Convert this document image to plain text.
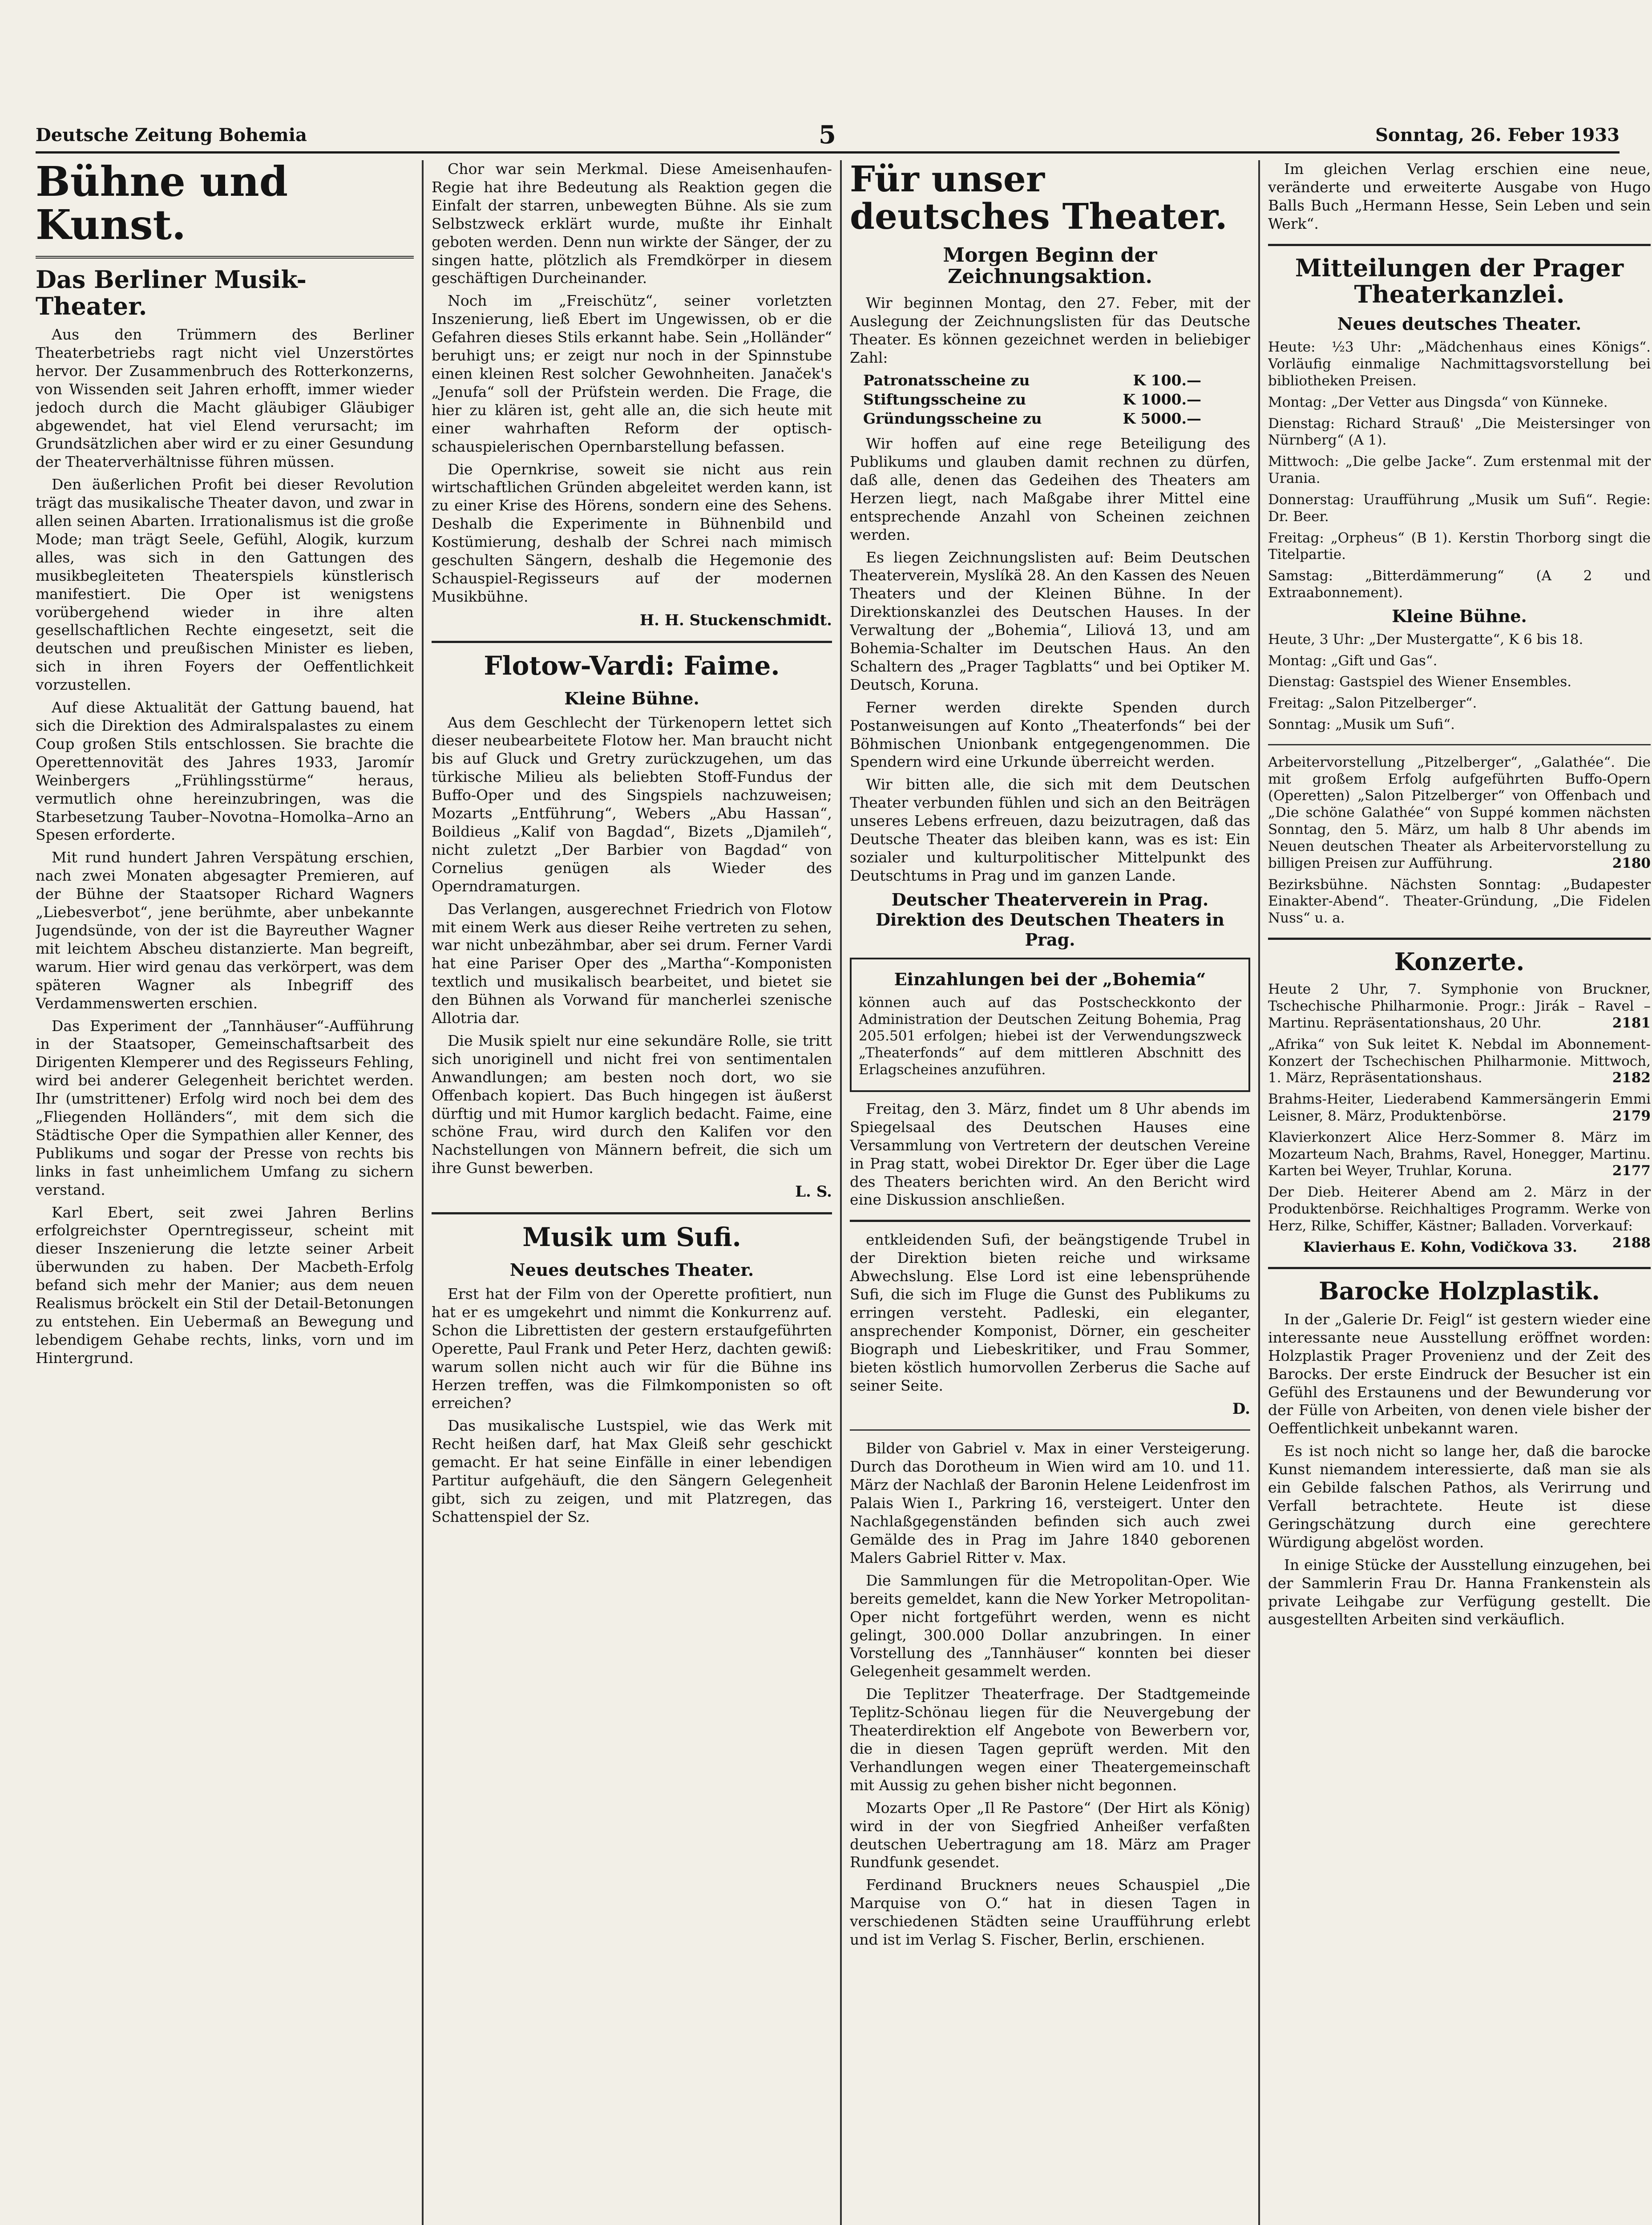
Deutsche Zeitung Bohemia	5	Sonntag, 26. Feber 1933
Bühne und Kunst.
Das Berliner Musik-Theater.

Aus den Trümmern des Berliner Theaterbetriebs ragt nicht viel Unzerstörtes hervor. Der Zusammenbruch des Rotterkonzerns, von Wissenden seit Jahren erhofft, immer wieder jedoch durch die Macht gläubiger Gläubiger abgewendet, hat viel Elend verursacht; im Grundsätzlichen aber wird er zu einer Gesundung der Theaterverhältnisse führen müssen.

Den äußerlichen Profit bei dieser Revolution trägt das musikalische Theater davon, und zwar in allen seinen Abarten. Irrationalismus ist die große Mode; man trägt Seele, Gefühl, Alogik, kurzum alles, was sich in den Gattungen des musikbegleiteten Theaterspiels künstlerisch manifestiert. Die Oper ist wenigstens vorübergehend wieder in ihre alten gesellschaftlichen Rechte eingesetzt, seit die deutschen und preußischen Minister es lieben, sich in ihren Foyers der Oeffentlichkeit vorzustellen.

Auf diese Aktualität der Gattung bauend, hat sich die Direktion des Admiralspalastes zu einem Coup großen Stils entschlossen. Sie brachte die Operettennovität des Jahres 1933, Jaromír Weinbergers „Frühlingsstürme“ heraus, vermutlich ohne hereinzubringen, was die Starbesetzung Tauber–Novotna–Homolka–Arno an Spesen erforderte.

Mit rund hundert Jahren Verspätung erschien, nach zwei Monaten abgesagter Premieren, auf der Bühne der Staatsoper Richard Wagners „Liebesverbot“, jene berühmte, aber unbekannte Jugendsünde, von der ist die Bayreuther Wagner mit leichtem Abscheu distanzierte. Man begreift, warum. Hier wird genau das verkörpert, was dem späteren Wagner als Inbegriff des Verdammenswerten erschien.

Das Experiment der „Tannhäuser“-Aufführung in der Staatsoper, Gemeinschaftsarbeit des Dirigenten Klemperer und des Regisseurs Fehling, wird bei anderer Gelegenheit berichtet werden. Ihr (umstrittener) Erfolg wird noch bei dem des „Fliegenden Holländers“, mit dem sich die Städtische Oper die Sympathien aller Kenner, des Publikums und sogar der Presse von rechts bis links in fast unheimlichem Umfang zu sichern verstand.

Karl Ebert, seit zwei Jahren Berlins erfolgreichster Operntregisseur, scheint mit dieser Inszenierung die letzte seiner Arbeit überwunden zu haben. Der Macbeth-Erfolg befand sich mehr der Manier; aus dem neuen Realismus bröckelt ein Stil der Detail-Betonungen zu entstehen. Ein Uebermaß an Bewegung und lebendigem Gehabe rechts, links, vorn und im Hintergrund.

Chor war sein Merkmal. Diese Ameisenhaufen-Regie hat ihre Bedeutung als Reaktion gegen die Einfalt der starren, unbewegten Bühne. Als sie zum Selbstzweck erklärt wurde, mußte ihr Einhalt geboten werden. Denn nun wirkte der Sänger, der zu singen hatte, plötzlich als Fremdkörper in diesem geschäftigen Durcheinander.

Noch im „Freischütz“, seiner vorletzten Inszenierung, ließ Ebert im Ungewissen, ob er die Gefahren dieses Stils erkannt habe. Sein „Holländer“ beruhigt uns; er zeigt nur noch in der Spinnstube einen kleinen Rest solcher Gewohnheiten. Janaček's „Jenufa“ soll der Prüfstein werden. Die Frage, die hier zu klären ist, geht alle an, die sich heute mit einer wahrhaften Reform der optisch-schauspielerischen Opernbarstellung befassen.

Die Opernkrise, soweit sie nicht aus rein wirtschaftlichen Gründen abgeleitet werden kann, ist zu einer Krise des Hörens, sondern eine des Sehens. Deshalb die Experimente in Bühnenbild und Kostümierung, deshalb der Schrei nach mimisch geschulten Sängern, deshalb die Hegemonie des Schauspiel-Regisseurs auf der modernen Musikbühne.

H. H. Stuckenschmidt.
Flotow-Vardi: Faime.
Kleine Bühne.

Aus dem Geschlecht der Türkenopern lettet sich dieser neubearbeitete Flotow her. Man braucht nicht bis auf Gluck und Gretry zurückzugehen, um das türkische Milieu als beliebten Stoff-Fundus der Buffo-Oper und des Singspiels nachzuweisen; Mozarts „Entführung“, Webers „Abu Hassan“, Boildieus „Kalif von Bagdad“, Bizets „Djamileh“, nicht zuletzt „Der Barbier von Bagdad“ von Cornelius genügen als Wieder des Operndramaturgen.

Das Verlangen, ausgerechnet Friedrich von Flotow mit einem Werk aus dieser Reihe vertreten zu sehen, war nicht unbezähmbar, aber sei drum. Ferner Vardi hat eine Pariser Oper des „Martha“-Komponisten textlich und musikalisch bearbeitet, und bietet sie den Bühnen als Vorwand für mancherlei szenische Allotria dar.

Die Musik spielt nur eine sekundäre Rolle, sie tritt sich unoriginell und nicht frei von sentimentalen Anwandlungen; am besten noch dort, wo sie Offenbach kopiert. Das Buch hingegen ist äußerst dürftig und mit Humor karglich bedacht. Faime, eine schöne Frau, wird durch den Kalifen vor den Nachstellungen von Männern befreit, die sich um ihre Gunst bewerben.

L. S.
Musik um Sufi.
Neues deutsches Theater.

Erst hat der Film von der Operette profitiert, nun hat er es umgekehrt und nimmt die Konkurrenz auf. Schon die Librettisten der gestern erstaufgeführten Operette, Paul Frank und Peter Herz, dachten gewiß: warum sollen nicht auch wir für die Bühne ins Herzen treffen, was die Filmkomponisten so oft erreichen?

Das musikalische Lustspiel, wie das Werk mit Recht heißen darf, hat Max Gleiß sehr geschickt gemacht. Er hat seine Einfälle in einer lebendigen Partitur aufgehäuft, die den Sängern Gelegenheit gibt, sich zu zeigen, und mit Platzregen, das Schattenspiel der Sz.

Für unser deutsches Theater.
Morgen Beginn der Zeichnungsaktion.

Wir beginnen Montag, den 27. Feber, mit der Auslegung der Zeichnungslisten für das Deutsche Theater. Es können gezeichnet werden in beliebiger Zahl:

Patronatsscheine zu	K 100.—
Stiftungsscheine zu	K 1000.—
Gründungsscheine zu	K 5000.—

Wir hoffen auf eine rege Beteiligung des Publikums und glauben damit rechnen zu dürfen, daß alle, denen das Gedeihen des Theaters am Herzen liegt, nach Maßgabe ihrer Mittel eine entsprechende Anzahl von Scheinen zeichnen werden.

Es liegen Zeichnungslisten auf: Beim Deutschen Theaterverein, Myslíkä 28. An den Kassen des Neuen Theaters und der Kleinen Bühne. In der Direktionskanzlei des Deutschen Hauses. In der Verwaltung der „Bohemia“, Liliová 13, und am Bohemia-Schalter im Deutschen Haus. An den Schaltern des „Prager Tagblatts“ und bei Optiker M. Deutsch, Koruna.

Ferner werden direkte Spenden durch Postanweisungen auf Konto „Theaterfonds“ bei der Böhmischen Unionbank entgegengenommen. Die Spendern wird eine Urkunde überreicht werden.

Wir bitten alle, die sich mit dem Deutschen Theater verbunden fühlen und sich an den Beiträgen unseres Lebens erfreuen, dazu beizutragen, daß das Deutsche Theater das bleiben kann, was es ist: Ein sozialer und kulturpolitischer Mittelpunkt des Deutschtums in Prag und im ganzen Lande.

Deutscher Theaterverein in Prag. Direktion des Deutschen Theaters in Prag.
Einzahlungen bei der „Bohemia“
können auch auf das Postscheckkonto der Administration der Deutschen Zeitung Bohemia, Prag 205.501 erfolgen; hiebei ist der Verwendungszweck „Theaterfonds“ auf dem mittleren Abschnitt des Erlagscheines anzuführen.

Freitag, den 3. März, findet um 8 Uhr abends im Spiegelsaal des Deutschen Hauses eine Versammlung von Vertretern der deutschen Vereine in Prag statt, wobei Direktor Dr. Eger über die Lage des Theaters berichten wird. An den Bericht wird eine Diskussion anschließen.

entkleidenden Sufi, der beängstigende Trubel in der Direktion bieten reiche und wirksame Abwechslung. Else Lord ist eine lebensprühende Sufi, die sich im Fluge die Gunst des Publikums zu erringen versteht. Padleski, ein eleganter, ansprechender Komponist, Dörner, ein gescheiter Biograph und Liebeskritiker, und Frau Sommer, bieten köstlich humorvollen Zerberus die Sache auf seiner Seite.

D.

Bilder von Gabriel v. Max in einer Versteigerung. Durch das Dorotheum in Wien wird am 10. und 11. März der Nachlaß der Baronin Helene Leidenfrost im Palais Wien I., Parkring 16, versteigert. Unter den Nachlaßgegenständen befinden sich auch zwei Gemälde des in Prag im Jahre 1840 geborenen Malers Gabriel Ritter v. Max.

Die Sammlungen für die Metropolitan-Oper. Wie bereits gemeldet, kann die New Yorker Metropolitan-Oper nicht fortgeführt werden, wenn es nicht gelingt, 300.000 Dollar anzubringen. In einer Vorstellung des „Tannhäuser“ konnten bei dieser Gelegenheit gesammelt werden.

Die Teplitzer Theaterfrage. Der Stadtgemeinde Teplitz-Schönau liegen für die Neuvergebung der Theaterdirektion elf Angebote von Bewerbern vor, die in diesen Tagen geprüft werden. Mit den Verhandlungen wegen einer Theatergemeinschaft mit Aussig zu gehen bisher nicht begonnen.

Mozarts Oper „Il Re Pastore“ (Der Hirt als König) wird in der von Siegfried Anheißer verfaßten deutschen Uebertragung am 18. März am Prager Rundfunk gesendet.

Ferdinand Bruckners neues Schauspiel „Die Marquise von O.“ hat in diesen Tagen in verschiedenen Städten seine Uraufführung erlebt und ist im Verlag S. Fischer, Berlin, erschienen.

Im gleichen Verlag erschien eine neue, veränderte und erweiterte Ausgabe von Hugo Balls Buch „Hermann Hesse, Sein Leben und sein Werk“.

Mitteilungen der Prager Theaterkanzlei.
Neues deutsches Theater.
Heute: ½3 Uhr: „Mädchenhaus eines Königs“. Vorläufig einmalige Nachmittagsvorstellung bei bibliotheken Preisen.
Montag: „Der Vetter aus Dingsda“ von Künneke.
Dienstag: Richard Strauß' „Die Meistersinger von Nürnberg“ (A 1).
Mittwoch: „Die gelbe Jacke“. Zum erstenmal mit der Urania.
Donnerstag: Uraufführung „Musik um Sufi“. Regie: Dr. Beer.
Freitag: „Orpheus“ (B 1). Kerstin Thorborg singt die Titelpartie.
Samstag: „Bitterdämmerung“ (A 2 und Extraabonnement).
Kleine Bühne.
Heute, 3 Uhr: „Der Mustergatte“, K 6 bis 18.
Montag: „Gift und Gas“.
Dienstag: Gastspiel des Wiener Ensembles.
Freitag: „Salon Pitzelberger“.
Sonntag: „Musik um Sufi“.
Arbeitervorstellung „Pitzelberger“, „Galathée“. Die mit großem Erfolg aufgeführten Buffo-Opern (Operetten) „Salon Pitzelberger“ von Offenbach und „Die schöne Galathée“ von Suppé kommen nächsten Sonntag, den 5. März, um halb 8 Uhr abends im Neuen deutschen Theater als Arbeitervorstellung zu billigen Preisen zur Aufführung.	2180
Bezirksbühne. Nächsten Sonntag: „Budapester Einakter-Abend“. Theater-Gründung, „Die Fidelen Nuss“ u. a.
Konzerte.
Heute 2 Uhr, 7. Symphonie von Bruckner, Tschechische Philharmonie. Progr.: Jirák – Ravel – Martinu. Repräsentationshaus, 20 Uhr.	2181
„Afrika“ von Suk leitet K. Nebdal im Abonnement-Konzert der Tschechischen Philharmonie. Mittwoch, 1. März, Repräsentationshaus.	2182
Brahms-Heiter, Liederabend Kammersängerin Emmi Leisner, 8. März, Produktenbörse.	2179
Klavierkonzert Alice Herz-Sommer 8. März im Mozarteum Nach, Brahms, Ravel, Honegger, Martinu. Karten bei Weyer, Truhlar, Koruna.	2177
Der Dieb. Heiterer Abend am 2. März in der Produktenbörse. Reichhaltiges Programm. Werke von Herz, Rilke, Schiffer, Kästner; Balladen. Vorverkauf:
2188
Klavierhaus E. Kohn, Vodičkova 33.
Barocke Holzplastik.

In der „Galerie Dr. Feigl“ ist gestern wieder eine interessante neue Ausstellung eröffnet worden: Holzplastik Prager Provenienz und der Zeit des Barocks. Der erste Eindruck der Besucher ist ein Gefühl des Erstaunens und der Bewunderung vor der Fülle von Arbeiten, von denen viele bisher der Oeffentlichkeit unbekannt waren.

Es ist noch nicht so lange her, daß die barocke Kunst niemandem interessierte, daß man sie als ein Gebilde falschen Pathos, als Verirrung und Verfall betrachtete. Heute ist diese Geringschätzung durch eine gerechtere Würdigung abgelöst worden.

In einige Stücke der Ausstellung einzugehen, bei der Sammlerin Frau Dr. Hanna Frankenstein als private Leihgabe zur Verfügung gestellt. Die ausgestellten Arbeiten sind verkäuflich.
